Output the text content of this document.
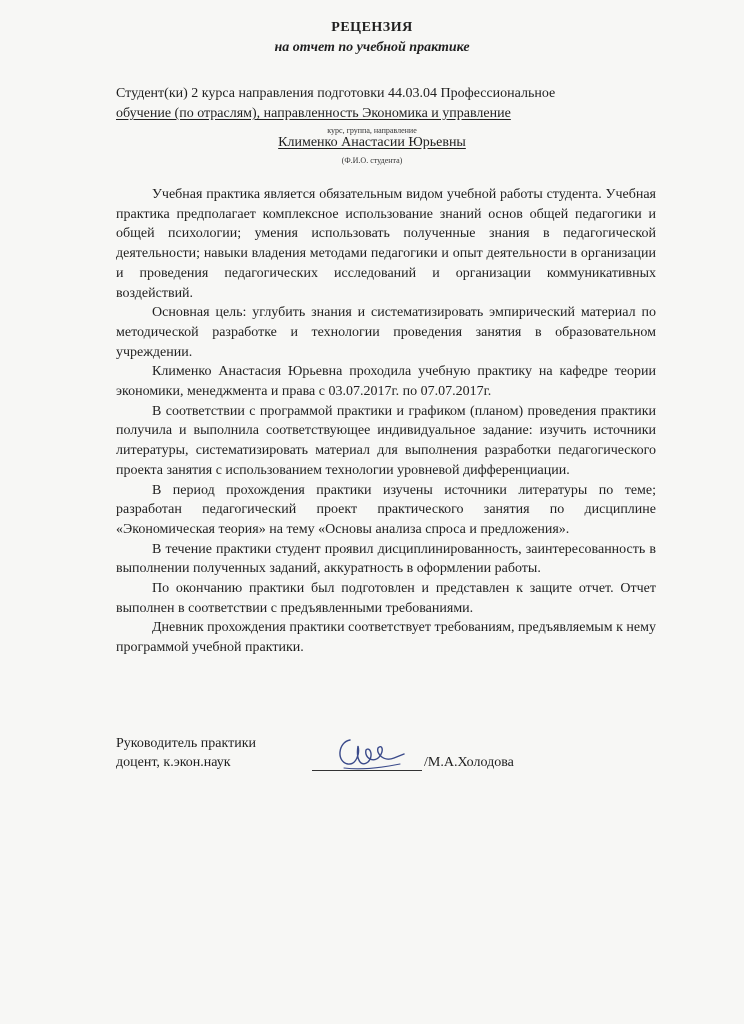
РЕЦЕНЗИЯ
на отчет по учебной практике
Студент(ки) 2 курса направления подготовки 44.03.04 Профессиональное
обучение (по отраслям), направленность Экономика и управление
курс, группа, направление
Клименко Анастасии Юрьевны
(Ф.И.О. студента)

Учебная практика является обязательным видом учебной работы студента. Учебная практика предполагает комплексное использование знаний основ общей педагогики и общей психологии; умения использовать полученные знания в педагогической деятельности; навыки владения методами педагогики и опыт деятельности в организации и проведения педагогических исследований и организации коммуникативных воздействий.

Основная цель: углубить знания и систематизировать эмпирический материал по методической разработке и технологии проведения занятия в образовательном учреждении.

Клименко Анастасия Юрьевна проходила учебную практику на кафедре теории экономики, менеджмента и права с 03.07.2017г. по 07.07.2017г.

В соответствии с программой практики и графиком (планом) проведения практики получила и выполнила соответствующее индивидуальное задание: изучить источники литературы, систематизировать материал для выполнения разработки педагогического проекта занятия с использованием технологии уровневой дифференциации.

В период прохождения практики изучены источники литературы по теме; разработан педагогический проект практического занятия по дисциплине «Экономическая теория» на тему «Основы анализа спроса и предложения».

В течение практики студент проявил дисциплинированность, заинтересованность в выполнении полученных заданий, аккуратность в оформлении работы.

По окончанию практики был подготовлен и представлен к защите отчет. Отчет выполнен в соответствии с предъявленными требованиями.

Дневник прохождения практики соответствует требованиям, предъявляемым к нему программой учебной практики.

Руководитель практики
доцент, к.экон.наук	/М.А.Холодова
